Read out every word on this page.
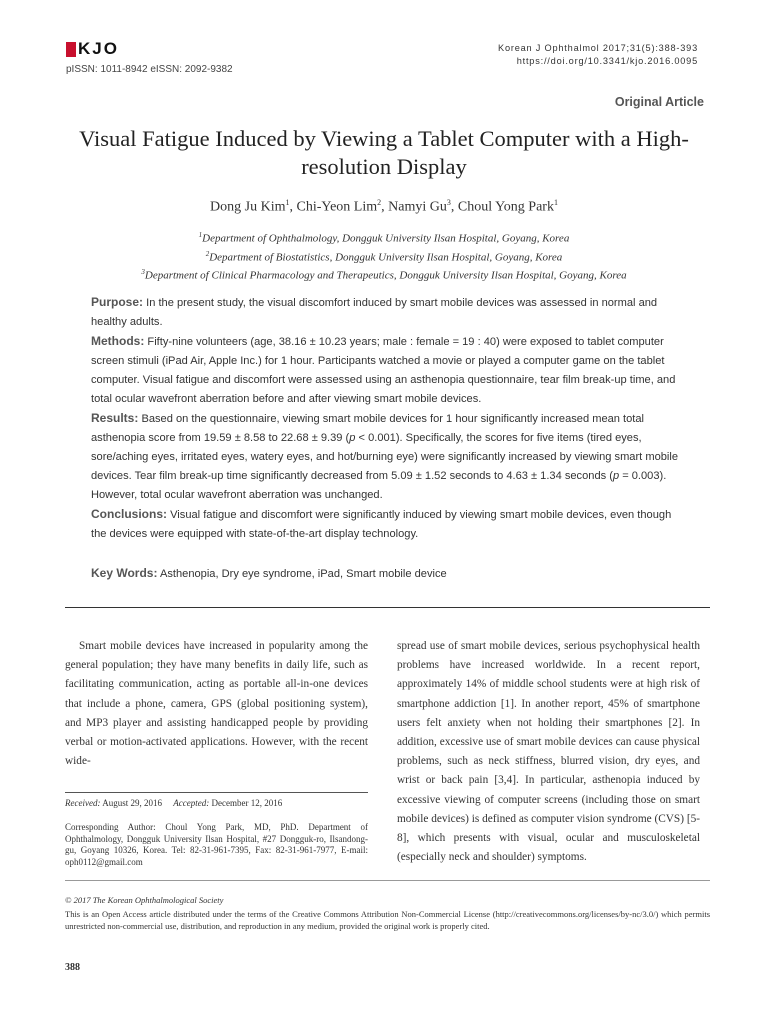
KJO
pISSN: 1011-8942 eISSN: 2092-9382
Korean J Ophthalmol 2017;31(5):388-393
https://doi.org/10.3341/kjo.2016.0095
Original Article
Visual Fatigue Induced by Viewing a Tablet Computer with a High-resolution Display
Dong Ju Kim$^1$, Chi-Yeon Lim$^2$, Namyi Gu$^3$, Choul Yong Park$^1$
$^1$Department of Ophthalmology, Dongguk University Ilsan Hospital, Goyang, Korea
$^2$Department of Biostatistics, Dongguk University Ilsan Hospital, Goyang, Korea
$^3$Department of Clinical Pharmacology and Therapeutics, Dongguk University Ilsan Hospital, Goyang, Korea

Purpose: In the present study, the visual discomfort induced by smart mobile devices was assessed in normal and healthy adults.

Methods: Fifty-nine volunteers (age, 38.16 ± 10.23 years; male : female = 19 : 40) were exposed to tablet computer screen stimuli (iPad Air, Apple Inc.) for 1 hour. Participants watched a movie or played a computer game on the tablet computer. Visual fatigue and discomfort were assessed using an asthenopia questionnaire, tear film break-up time, and total ocular wavefront aberration before and after viewing smart mobile devices.

Results: Based on the questionnaire, viewing smart mobile devices for 1 hour significantly increased mean total asthenopia score from 19.59 ± 8.58 to 22.68 ± 9.39 (p < 0.001). Specifically, the scores for five items (tired eyes, sore/aching eyes, irritated eyes, watery eyes, and hot/burning eye) were significantly increased by viewing smart mobile devices. Tear film break-up time significantly decreased from 5.09 ± 1.52 seconds to 4.63 ± 1.34 seconds (p = 0.003). However, total ocular wavefront aberration was unchanged.

Conclusions: Visual fatigue and discomfort were significantly induced by viewing smart mobile devices, even though the devices were equipped with state-of-the-art display technology.

Key Words: Asthenopia, Dry eye syndrome, iPad, Smart mobile device

Smart mobile devices have increased in popularity among the general population; they have many benefits in daily life, such as facilitating communication, acting as portable all-in-one devices that include a phone, camera, GPS (global positioning system), and MP3 player and assisting handicapped people by providing verbal or motion-activated applications. However, with the recent wide-

spread use of smart mobile devices, serious psychophysical health problems have increased worldwide. In a recent report, approximately 14% of middle school students were at high risk of smartphone addiction [1]. In another report, 45% of smartphone users felt anxiety when not holding their smartphones [2]. In addition, excessive use of smart mobile devices can cause physical problems, such as neck stiffness, blurred vision, dry eyes, and wrist or back pain [3,4]. In particular, asthenopia induced by excessive viewing of computer screens (including those on smart mobile devices) is defined as computer vision syndrome (CVS) [5-8], which presents with visual, ocular and musculoskeletal (especially neck and shoulder) symptoms.

Received: August 29, 2016 Accepted: December 12, 2016
Corresponding Author: Choul Yong Park, MD, PhD. Department of Ophthalmology, Dongguk University Ilsan Hospital, #27 Dongguk-ro, Ilsandong-gu, Goyang 10326, Korea. Tel: 82-31-961-7395, Fax: 82-31-961-7977, E-mail: oph0112@gmail.com
© 2017 The Korean Ophthalmological Society
This is an Open Access article distributed under the terms of the Creative Commons Attribution Non-Commercial License (http://creativecommons.org/licenses/by-nc/3.0/) which permits unrestricted non-commercial use, distribution, and reproduction in any medium, provided the original work is properly cited.
388
